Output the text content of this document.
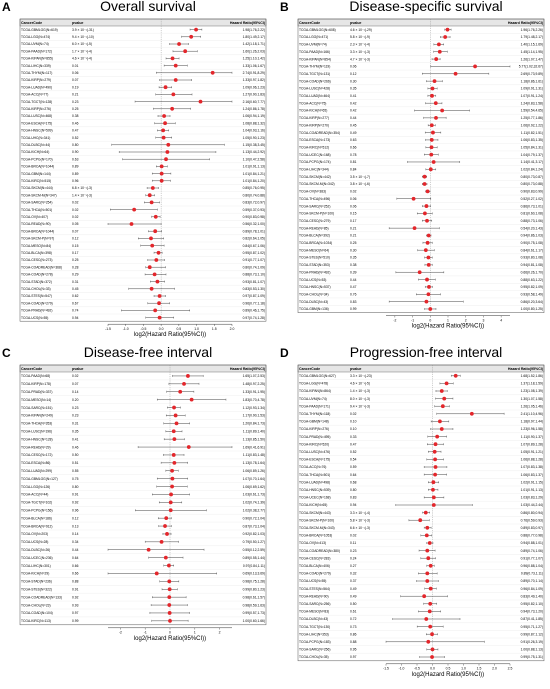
A	Overall survival
CancerCode	pvalue	Hazard Ratio(95%CI)
TCGA-GBMLGG(N=619)	3.9 × 10⁻¹(-31)	1.98(1.76,2.22)
TCGA-LGG(N=474)	9.4 × 10⁻¹(-10)	1.80(1.49,2.17)
TCGA-UVM(N=74)	6.0 × 10⁻¹(-5)	1.42(1.18,1.71)
TCGA-PAAD(N=172)	1.7 × 10⁻¹(-4)	1.60(1.26,2.03)
TCGA-KIPAN(N=855)	4.6 × 10⁻¹(-4)	1.25(1.10,1.42)
TCGA-LIHC(N=339)	0.01	1.33(1.06,1.67)
TCGA-THYM(N=117)	0.06	2.74(0.91,8.29)
TCGA-KIRP(N=279)	0.07	1.33(0.97,1.82)
TCGA-LUAD(N=490)	0.19	1.09(0.96,1.23)
TCGA-ACC(N=77)	0.21	1.27(0.90,1.83)
TCGA-TGCT(N=128)	0.23	2.16(0.60,7.77)
TCGA-KIRP(N=276)	0.25	1.24(0.86,1.78)
TCGA-LUSC(N=468)	0.38	1.06(0.94,1.19)
TCGA-ESCA(N=175)	0.46	1.08(0.88,1.32)
TCGA-HNSC(N=509)	0.47	1.04(0.93,1.16)
TCGA-UHC(N=341)	0.52	1.05(0.90,1.23)
TCGA-DLBC(N=44)	0.80	1.15(0.38,3.45)
TCGA-KICH(N=64)	0.90	1.13(0.44,2.92)
TCGA-PCPG(N=170)	0.63	1.10(0.47,2.58)
TCGA-BRCA(N=1044)	0.89	1.01(0.91,1.13)
TCGA-GBM(N=144)	0.89	1.01(0.84,1.21)
TCGA-KIRC(N=515)	0.96	1.01(0.84,1.20)
TCGA-SKCM(N=444)	6.8 × 10⁻¹(-3)	0.85(0.76,0.95)
TCGA-SKCM-M(N=347)	1.4 × 10⁻¹(-3)	0.80(0.74,0.88)
TCGA-SARC(N=254)	0.02	0.83(0.72,0.97)
TCGA-THCA(N=501)	0.02	0.59(0.37,0.93)
TCGA-OV(N=407)	0.02	0.90(0.83,0.98)
TCGA-READ(N=90)	0.05	0.56(0.32,1.00)
TCGA-BRCA(N=1044)	0.07	0.89(0.78,1.01)
TCGA-SKCM-P(N=97)	0.12	0.82(0.64,1.05)
TCGA-MESO(N=84)	0.15	0.84(0.67,1.06)
TCGA-BLCA(N=398)	0.17	0.95(0.87,1.02)
TCGA-CESC(N=273)	0.25	0.91(0.77,1.07)
TCGA-COADREAD(N=368)	0.28	0.80(0.74,1.09)
TCGA-COAD(N=278)	0.29	0.88(0.73,1.10)
TCGA-STAD(N=372)	0.31	0.93(0.81,1.07)
TCGA-CHOL(N=33)	0.45	0.83(0.53,1.30)
TCGA-STES(N=547)	0.62	0.97(0.87,1.09)
TCGA-COAD(N=279)	0.67	0.96(0.77,1.18)
TCGA-PRAD(N=492)	0.74	0.89(0.46,1.75)
TCGA-UCS(N=55)	0.94	0.97(0.74,1.28)
-1.5	-1.0	-0.5	0.0	0.5	1.0	1.5	2.0
log2(Hazard Ratio(95%CI))
B	Disease-specific survival
CancerCode	pvalue	Hazard Ratio(95%CI)
TCGA-GBMLGG(N=608)	4.6 × 10⁻¹(-29)	1.96(1.76,2.26)
TCGA-LGG(N=471)	5.8 × 10⁻¹(-9)	1.79(1.48,2.17)
TCGA-UVM(N=74)	2.3 × 10⁻¹(-4)	1.40(1.15,1.69)
TCGA-PAAD(N=166)	3.3 × 10⁻¹(-3)	1.45(1.14,1.95)
TCGA-KIPAN(N=854)	4.7 × 10⁻¹(-3)	1.26(1.07,1.47)
TCGA-THYM(N=119)	0.06	5.77(1.02,32.67)
TCGA-TGCT(N=131)	0.12	2.69(0.73,9.89)
TCGA-COAD(N=266)	0.30	1.18(0.86,1.61)
TCGA-LUSC(N=428)	0.35	1.09(0.91,1.31)
TCGA-LUAD(N=464)	0.41	1.07(0.91,1.24)
TCGA-ACC(N=75)	0.42	1.24(0.83,1.58)
TCGA-KICH(N=65)	0.42	1.59(0.54,4.65)
TCGA-KIRP(N=277)	0.44	1.25(0.77,1.86)
TCGA-KIRP(N=270)	0.45	1.06(0.92,1.22)
TCGA-COADREAD(N=354)	0.49	1.11(0.82,1.51)
TCGA-ESCA(N=173)	0.63	1.06(0.83,1.35)
TCGA-KIRC(N=512)	0.66	1.05(0.84,1.31)
TCGA-UCEC(N=168)	0.78	1.04(0.79,1.37)
TCGA-PCPG(N=174)	0.81	1.14(0.41,3.17)
TCGA-LIHC(N=344)	0.84	1.02(0.84,1.24)
TCGA-SKCM(N=442)	3.5 × 10⁻¹(-7)	0.80(0.73,0.87)
TCGA-SKCM-M(N=342)	3.8 × 10⁻¹(-6)	0.80(0.73,0.88)
TCGA-OV(N=383)	0.02	0.90(0.83,0.99)
TCGA-THCA(N=496)	0.06	0.52(0.27,1.02)
TCGA-SARC(N=252)	0.06	0.86(0.73,1.01)
TCGA-SKCM-P(N=100)	0.15	0.81(0.60,1.08)
TCGA-CESC(N=279)	0.17	0.88(0.73,1.06)
TCGA-READ(N=85)	0.21	0.54(0.20,1.43)
TCGA-BLCA(N=392)	0.21	0.94(0.86,1.03)
TCGA-BRCA(N=1034)	0.25	0.90(0.75,1.08)
TCGA-MESO(N=64)	0.30	0.84(0.61,1.17)
TCGA-STES(N=510)	0.35	0.93(0.80,1.08)
TCGA-STAD(N=353)	0.38	0.94(0.81,1.08)
TCGA-PRAD(N=492)	0.39	0.66(0.26,1.70)
TCGA-UCS(N=53)	0.44	0.88(0.63,1.22)
TCGA-HNSC(N=537)	0.47	0.95(0.82,1.09)
TCGA-CHOL(N=34)	0.76	0.93(0.58,1.49)
TCGA-DLBC(N=43)	0.83	0.86(0.20,3.64)
TCGA-GBM(N=136)	0.99	1.00(0.80,1.25)
-2	-1	0	1	2	3	4
log2(Hazard Ratio(95%CI))
C	Disease-free interval
CancerCode	pvalue	Hazard Ratio(95%CI)
TCGA-PAAD(N=68)	0.02	1.65(1.07,2.53)
TCGA-KIRP(N=178)	0.07	1.48(0.97,2.25)
TCGA-PRAD(N=337)	0.14	1.33(0.91,1.95)
TCGA-MESO(N=14)	0.20	1.83(0.70,4.78)
TCGA-SARC(N=151)	0.23	1.12(0.93,1.34)
TCGA-KIPAN(N=249)	0.23	1.17(0.90,1.53)
TCGA-THCA(N=353)	0.31	1.20(0.84,1.73)
TCGA-LUSC(N=196)	0.35	1.11(0.89,1.40)
TCGA-HNSC(N=128)	0.41	1.13(0.85,1.50)
TCGA-READ(N=29)	0.46	1.69(0.41,6.91)
TCGA-CESC(N=172)	0.50	1.11(0.83,1.48)
TCGA-ESCA(N=86)	0.51	1.13(0.78,1.64)
TCGA-LUAD(N=299)	0.55	1.06(0.89,1.26)
TCGA-GBMLGG(N=127)	0.75	1.07(0.70,1.64)
TCGA-LGG(N=126)	0.80	1.06(0.69,1.62)
TCGA-ACC(N=44)	0.91	1.03(0.61,1.73)
TCGA-TGCT(N=102)	0.92	1.02(0.74,1.39)
TCGA-PCPG(N=156)	0.96	1.02(0.38,2.77)
TCGA-BLCA(N=186)	0.12	0.90(0.72,1.04)
TCGA-BRCA(N=912)	0.13	0.87(0.73,1.04)
TCGA-OV(N=203)	0.14	0.92(0.82,1.03)
TCGA-UCS(N=28)	0.34	0.79(0.50,1.27)
TCGA-DLBC(N=26)	0.44	0.55(0.12,2.59)
TCGA-UCEC(N=236)	0.64	0.89(0.55,1.44)
TCGA-LIHC(N=301)	0.66	0.97(0.84,1.11)
TCGA-KICH(N=29)	0.66	0.69(0.13,3.69)
TCGA-STAD(N=236)	0.88	0.98(0.75,1.28)
TCGA-STES(N=322)	0.91	0.99(0.80,1.23)
TCGA-COADREAD(N=133)	0.92	0.98(0.61,1.57)
TCGA-CHOL(N=23)	0.93	0.98(0.59,1.63)
TCGA-COAD(N=104)	0.97	0.99(0.57,1.73)
TCGA-KIRC(N=113)	0.99	1.00(0.60,1.66)
-2	-1	0	1	2
log2(Hazard Ratio(95%CI))
D	Progression-free interval
CancerCode	pvalue	Hazard Ratio(95%CI)
TCGA-GBMLGG(N=627)	3.3 × 10⁻¹(-23)	1.68(1.52,1.86)
TCGA-LGG(N=478)	4.6 × 10⁻¹(-5)	1.37(1.18,1.59)
TCGA-KIPAN(N=864)	1.4 × 10⁻¹(-3)	1.23(1.08,1.39)
TCGA-UVM(N=74)	8.0 × 10⁻¹(-3)	1.30(1.07,1.58)
TCGA-PAAD(N=171)	9.4 × 10⁻¹(-3)	1.26(1.05,1.46)
TCGA-THYM(N=118)	0.02	2.41(1.10,4.96)
TCGA-GBM(N=148)	0.10	1.18(0.97,1.44)
TCGA-KIRP(N=276)	0.10	1.23(0.96,1.58)
TCGA-PRAD(N=495)	0.33	1.11(0.90,1.37)
TCGA-KIRC(N=520)	0.47	1.07(0.89,1.28)
TCGA-LUSC(N=476)	0.52	1.05(0.91,1.21)
TCGA-ESCA(N=175)	0.54	1.06(0.88,1.28)
TCGA-ACC(N=76)	0.59	1.07(0.83,1.38)
TCGA-THCA(N=501)	0.64	1.06(0.83,1.37)
TCGA-LUAD(N=498)	0.68	1.02(0.91,1.15)
TCGA-HNSC(N=539)	0.80	1.01(0.91,1.13)
TCGA-UCEC(N=168)	0.83	1.03(0.83,1.29)
TCGA-KICH(N=65)	0.94	1.03(0.44,2.44)
TCGA-SKCM(N=443)	3.3 × 10⁻¹(-4)	0.86(0.80,0.94)
TCGA-SKCM-P(N=100)	5.8 × 10⁻¹(-3)	0.76(0.59,0.93)
TCGA-SKCM-M(N=343)	6.6 × 10⁻¹(-3)	0.89(0.83,0.97)
TCGA-BRCA(N=1053)	0.02	0.88(0.77,0.98)
TCGA-OV(N=413)	0.11	0.94(0.88,1.01)
TCGA-COADREAD(N=380)	0.23	0.89(0.74,1.06)
TCGA-CESC(N=283)	0.24	0.91(0.77,1.07)
TCGA-BLCA(N=406)	0.27	0.96(0.88,1.04)
TCGA-COAD(N=279)	0.32	0.89(0.73,1.11)
TCGA-UCS(N=55)	0.37	0.89(0.70,1.14)
TCGA-STES(N=564)	0.49	0.96(0.84,1.09)
TCGA-READ(N=90)	0.49	0.83(0.49,1.40)
TCGA-SARC(N=256)	0.50	0.95(0.82,1.10)
TCGA-MESO(N=83)	0.61	0.94(0.73,1.20)
TCGA-DLBC(N=43)	0.72	0.87(0.41,1.85)
TCGA-TGCT(N=130)	0.73	0.95(0.71,1.27)
TCGA-LIHC(N=353)	0.86	0.99(0.87,1.12)
TCGA-PCPG(N=183)	0.88	0.91(0.26,3.19)
TCGA-SARC(N=256)	0.95	1.00(0.88,1.13)
TCGA-CHOL(N=35)	0.97	0.99(0.75,1.31)
-1.5	-1.0	-0.5	0.0	0.5	1.0	1.5	2.0	2.5
log2(Hazard Ratio(95%CI))
